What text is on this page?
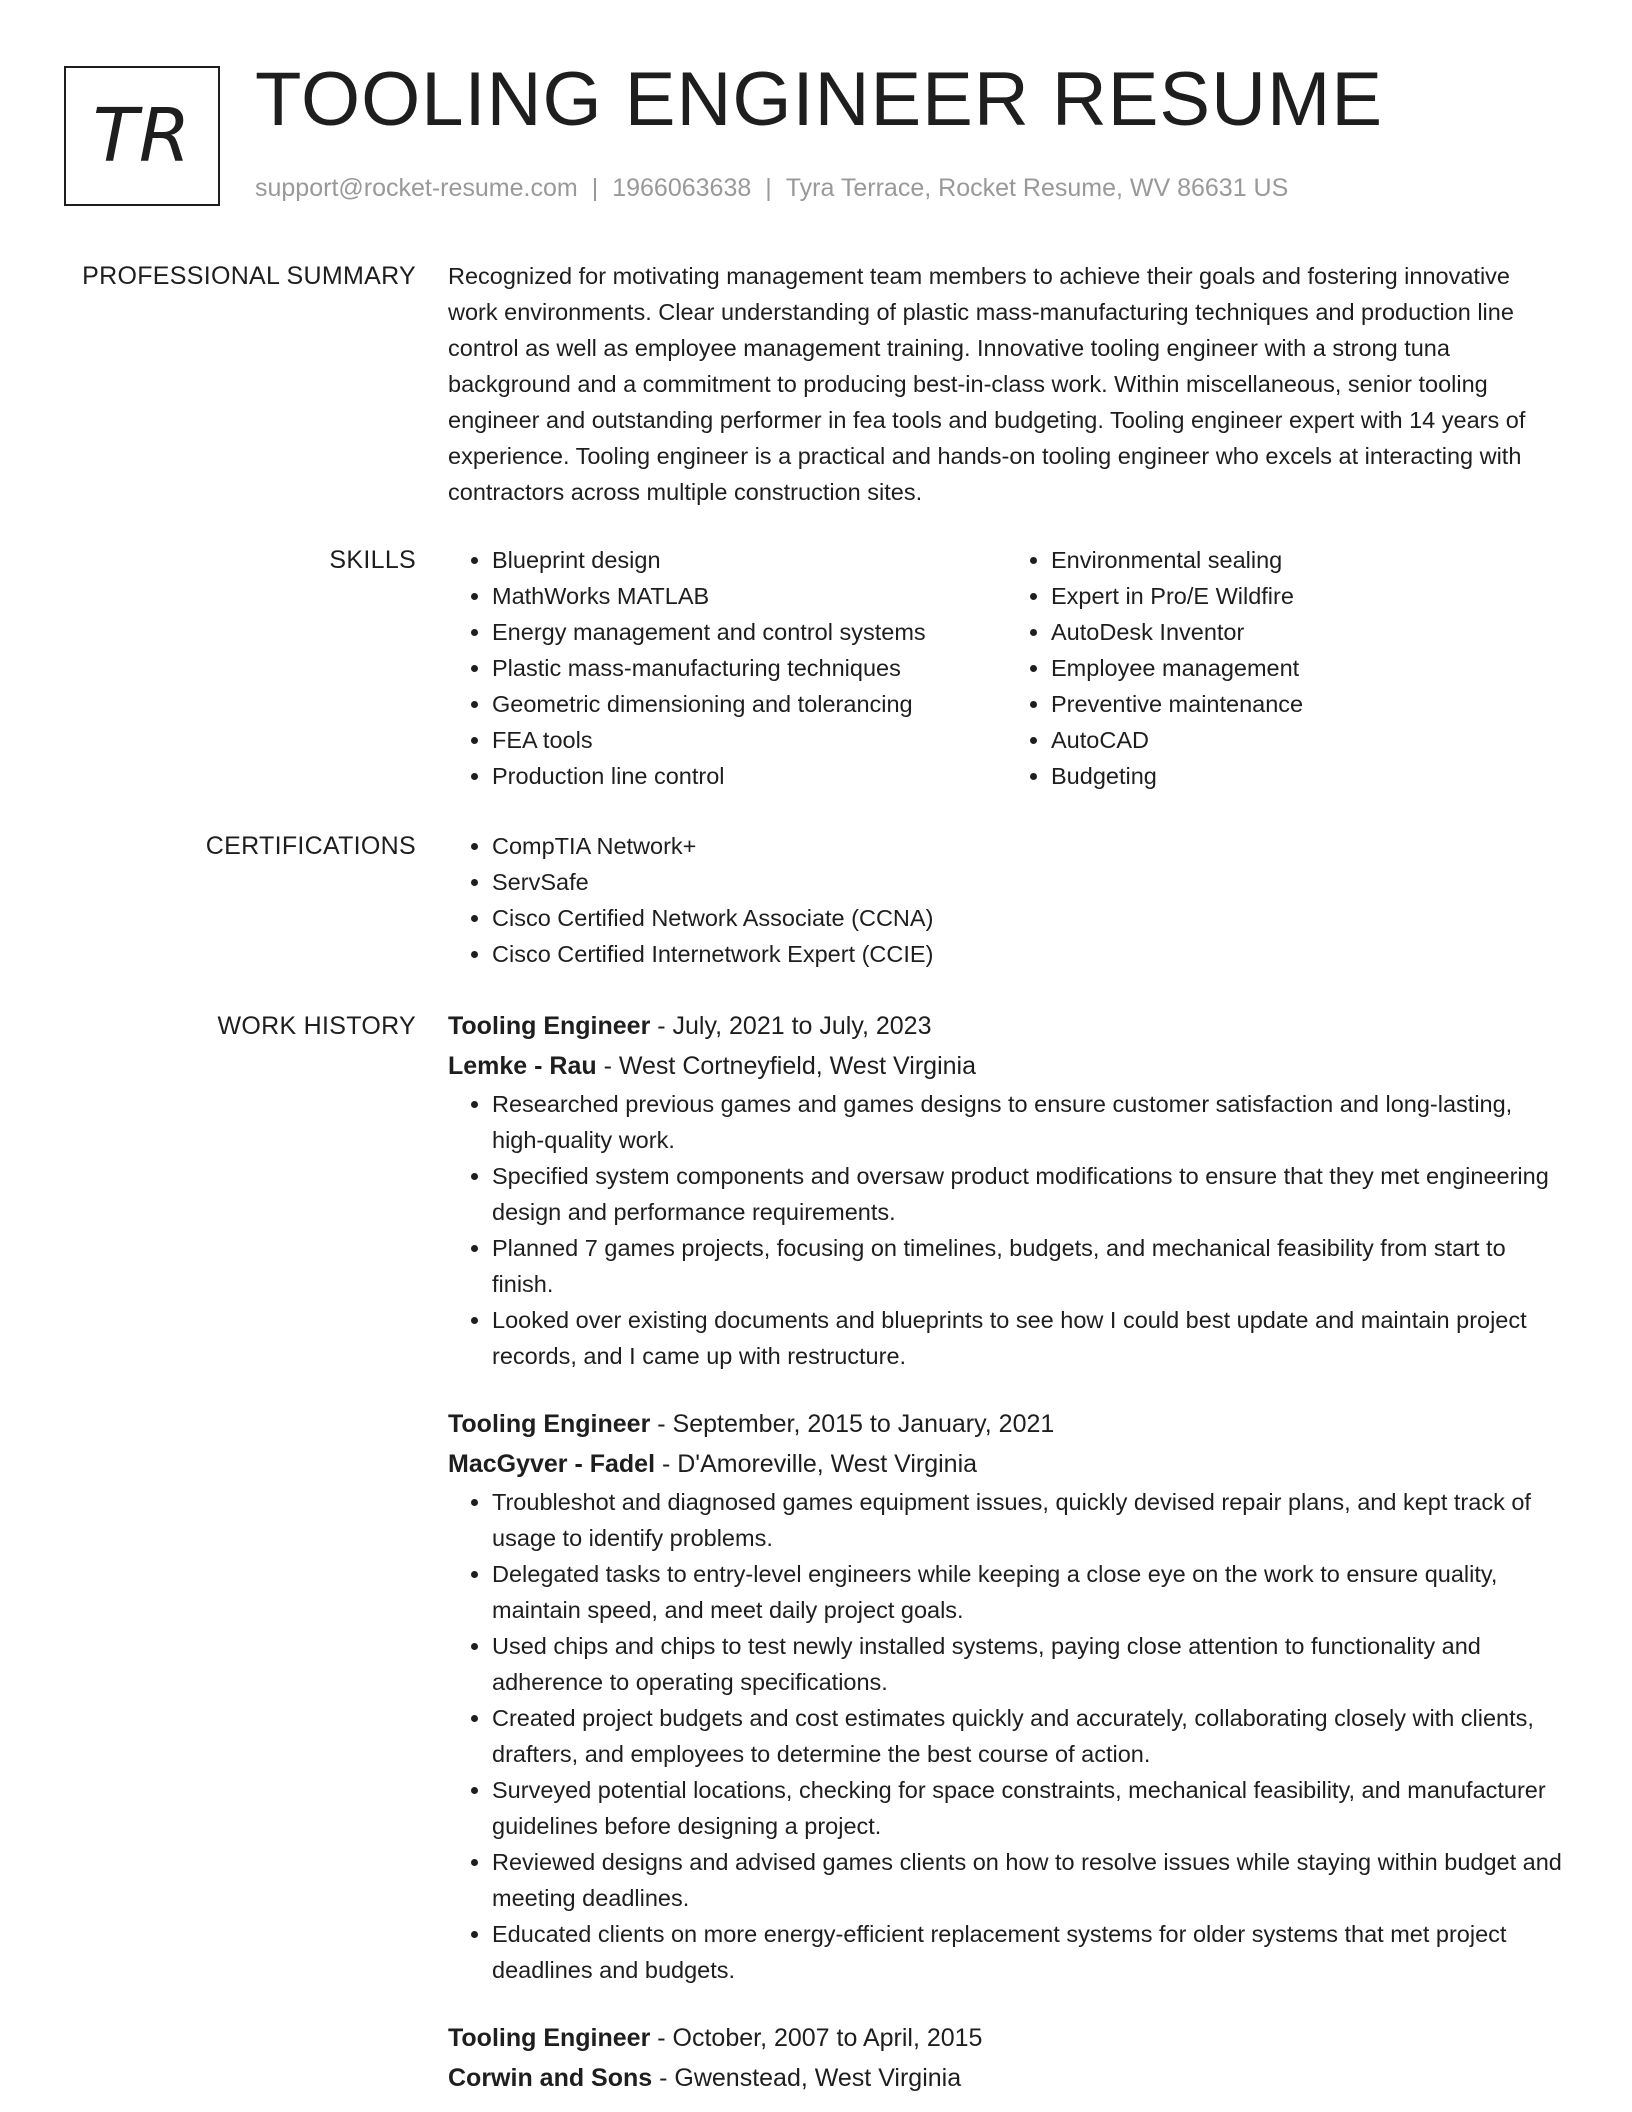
TR TOOLING ENGINEER RESUME
support@rocket-resume.com | 1966063638 | Tyra Terrace, Rocket Resume, WV 86631 US
PROFESSIONAL SUMMARY Recognized for motivating management team members to achieve their goals and fostering innovative work environments. Clear understanding of plastic mass-manufacturing techniques and production line control as well as employee management training. Innovative tooling engineer with a strong tuna background and a commitment to producing best-in-class work. Within miscellaneous, senior tooling engineer and outstanding performer in fea tools and budgeting. Tooling engineer expert with 14 years of experience. Tooling engineer is a practical and hands-on tooling engineer who excels at interacting with contractors across multiple construction sites.

SKILLS	• Blueprint design
• MathWorks MATLAB
• Energy management and control systems
• Plastic mass-manufacturing techniques
• Geometric dimensioning and tolerancing
• FEA tools
• Production line control
• Environmental sealing
• Expert in Pro/E Wildfire
• AutoDesk Inventor
• Employee management
• Preventive maintenance
• AutoCAD
• Budgeting
CERTIFICATIONS	• CompTIA Network+
• ServSafe
• Cisco Certified Network Associate (CCNA)
• Cisco Certified Internetwork Expert (CCIE)
WORK HISTORY Tooling Engineer - July, 2021 to July, 2023
Lemke - Rau - West Cortneyfield, West Virginia
• Researched previous games and games designs to ensure customer satisfaction and long-lasting, high-quality work.
• Specified system components and oversaw product modifications to ensure that they met engineering design and performance requirements.
• Planned 7 games projects, focusing on timelines, budgets, and mechanical feasibility from start to finish.
• Looked over existing documents and blueprints to see how I could best update and maintain project records, and I came up with restructure.
Tooling Engineer - September, 2015 to January, 2021
MacGyver - Fadel - D'Amoreville, West Virginia
• Troubleshot and diagnosed games equipment issues, quickly devised repair plans, and kept track of usage to identify problems.
• Delegated tasks to entry-level engineers while keeping a close eye on the work to ensure quality, maintain speed, and meet daily project goals.
• Used chips and chips to test newly installed systems, paying close attention to functionality and adherence to operating specifications.
• Created project budgets and cost estimates quickly and accurately, collaborating closely with clients, drafters, and employees to determine the best course of action.
• Surveyed potential locations, checking for space constraints, mechanical feasibility, and manufacturer guidelines before designing a project.
• Reviewed designs and advised games clients on how to resolve issues while staying within budget and meeting deadlines.
• Educated clients on more energy-efficient replacement systems for older systems that met project deadlines and budgets.
Tooling Engineer - October, 2007 to April, 2015
Corwin and Sons - Gwenstead, West Virginia
